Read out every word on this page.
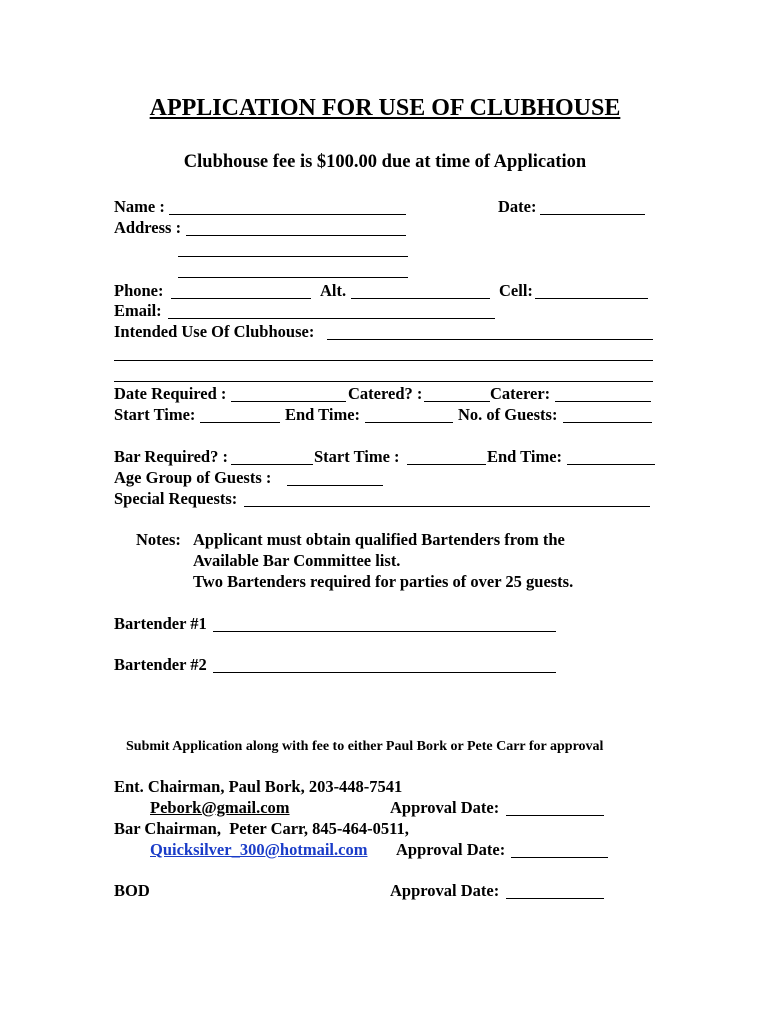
APPLICATION FOR USE OF CLUBHOUSE
Clubhouse fee is $100.00 due at time of Application
Name :	Date:
Address :
Phone:	Alt.	Cell:
Email:
Intended Use Of Clubhouse:
Date Required :	Catered? :	Caterer:
Start Time:	End Time:	No. of Guests:
Bar Required? :	Start Time :	End Time:
Age Group of Guests :
Special Requests:
Notes: Applicant must obtain qualified Bartenders from the
Available Bar Committee list.
Two Bartenders required for parties of over 25 guests.
Bartender #1
Bartender #2
Submit Application along with fee to either Paul Bork or Pete Carr for approval
Ent. Chairman, Paul Bork, 203-448-7541
Pebork@gmail.com	Approval Date:
Bar Chairman,  Peter Carr, 845-464-0511,
Quicksilver_300@hotmail.com Approval Date:
BOD	Approval Date:
